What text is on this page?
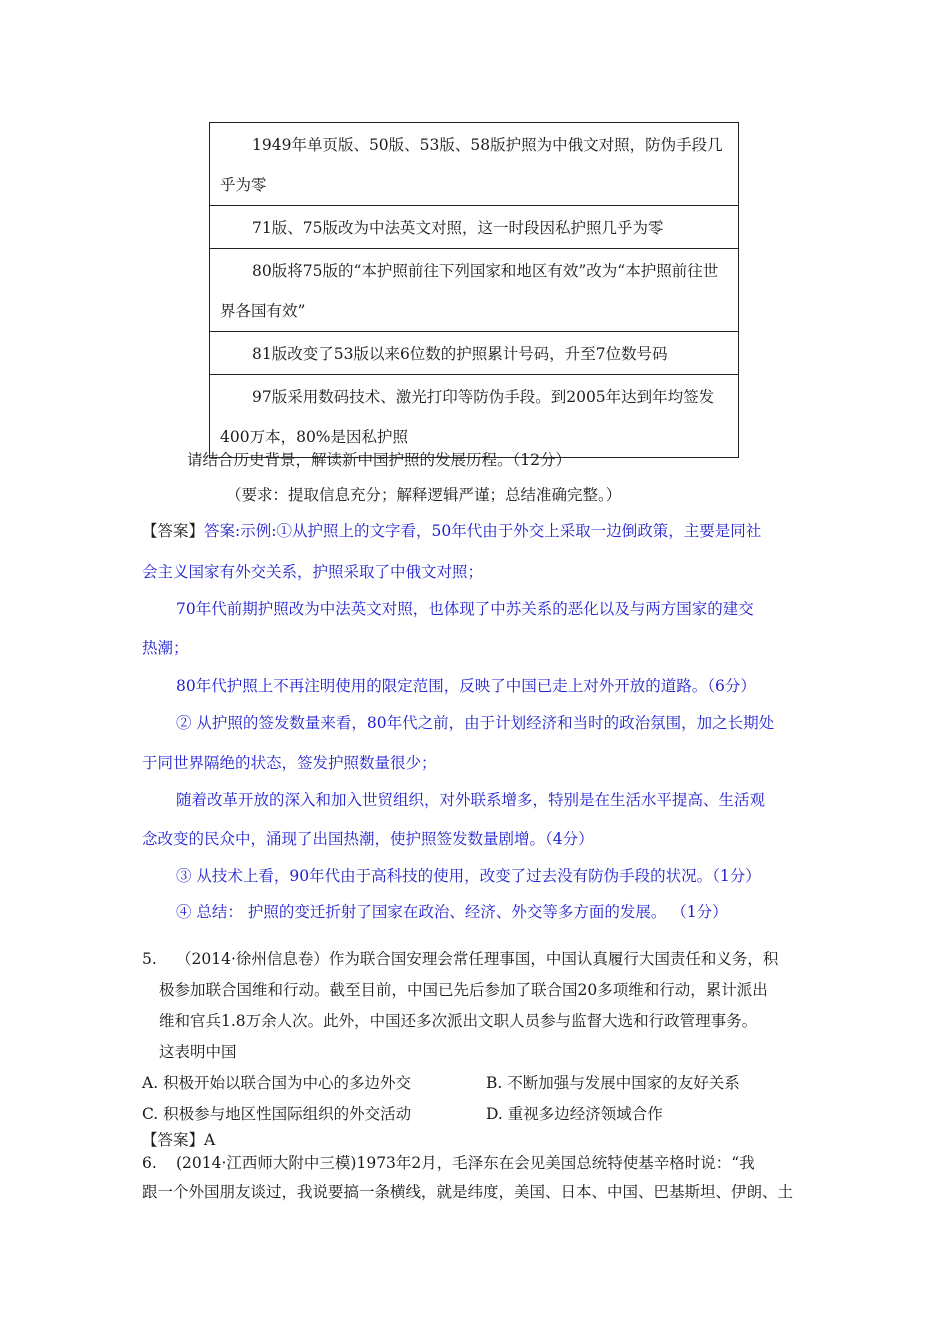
1949年单页版、50版、53版、58版护照为中俄文对照，防伪手段几乎为零
71版、75版改为中法英文对照，这一时段因私护照几乎为零
80版将75版的“本护照前往下列国家和地区有效”改为“本护照前往世界各国有效”
81版改变了53版以来6位数的护照累计号码，升至7位数号码
97版采用数码技术、激光打印等防伪手段。到2005年达到年均签发400万本，80%是因私护照
请结合历史背景，解读新中国护照的发展历程。（12分）
（要求：提取信息充分；解释逻辑严谨；总结准确完整。）
【答案】答案:示例:①从护照上的文字看，50年代由于外交上采取一边倒政策，主要是同社
会主义国家有外交关系，护照采取了中俄文对照；
70年代前期护照改为中法英文对照，也体现了中苏关系的恶化以及与两方国家的建交
热潮；
80年代护照上不再注明使用的限定范围，反映了中国已走上对外开放的道路。（6分）
② 从护照的签发数量来看，80年代之前，由于计划经济和当时的政治氛围，加之长期处
于同世界隔绝的状态，签发护照数量很少；
随着改革开放的深入和加入世贸组织，对外联系增多，特别是在生活水平提高、生活观
念改变的民众中，涌现了出国热潮，使护照签发数量剧增。（4分）
③ 从技术上看，90年代由于高科技的使用，改变了过去没有防伪手段的状况。（1分）
④ 总结： 护照的变迁折射了国家在政治、经济、外交等多方面的发展。 （1分）
5. （2014·徐州信息卷）作为联合国安理会常任理事国，中国认真履行大国责任和义务，积
极参加联合国维和行动。截至目前，中国已先后参加了联合国20多项维和行动，累计派出
维和官兵1.8万余人次。此外，中国还多次派出文职人员参与监督大选和行政管理事务。
这表明中国
A. 积极开始以联合国为中心的多边外交	B. 不断加强与发展中国家的友好关系
C. 积极参与地区性国际组织的外交活动	D. 重视多边经济领域合作
【答案】A
6. (2014·江西师大附中三模)1973年2月，毛泽东在会见美国总统特使基辛格时说：“我
跟一个外国朋友谈过，我说要搞一条横线，就是纬度，美国、日本、中国、巴基斯坦、伊朗、土
